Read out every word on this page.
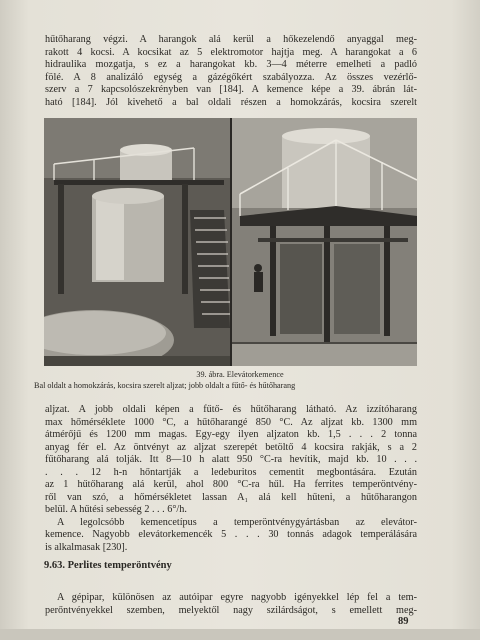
hűtőharang végzi. A harangok alá kerül a hőkezelendő anyaggal meg-
rakott 4 kocsi. A kocsikat az 5 elektromotor hajtja meg. A harangokat a 6
hidraulika mozgatja, s ez a harangokat kb. 3—4 méterre emelheti a padló
fölé. A 8 analizáló egység a gázégőkért szabályozza. Az összes vezérlő-
szerv a 7 kapcsolószekrényben van [184]. A kemence képe a 39. ábrán lát-
ható [184]. Jól kivehető a bal oldali részen a homokzárás, kocsira szerelt

39. ábra. Elevátorkemence

Bal oldalt a homokzárás, kocsira szerelt aljzat; jobb oldalt a fűtő- és hűtőharang

aljzat. A jobb oldali képen a fűtő- és hűtőharang látható. Az izzítóharang
max hőmérséklete 1000 °C, a hűtőharangé 850 °C. Az aljzat kb. 1300 mm
átmérőjű és 1200 mm magas. Egy-egy ilyen aljzaton kb. 1,5 . . . 2 tonna
anyag fér el. Az öntvényt az aljzat szerepét betöltő 4 kocsira rakják, s a 2
fűtőharang alá tolják. Itt 8—10 h alatt 950 °C-ra hevítik, majd kb. 10 . . .
. . . 12 h-n hőntartják a ledeburitos cementit megbontására. Ezután
az 1 hűtőharang alá kerül, ahol 800 °C-ra hűl. Ha ferrites temperöntvény-
ről van szó, a hőmérsékletet lassan A₁ alá kell hűteni, a hűtőharangon
belül. A hűtési sebesség 2 . . . 6°/h.
A legolcsóbb kemencetípus a temperöntvénygyártásban az elevátor-
kemence. Nagyobb elevátorkemencék 5 . . . 30 tonnás adagok temperálására
is alkalmasak [230].

9.63. Perlites temperöntvény

A gépipar, különösen az autóipar egyre nagyobb igényekkel lép fel a tem-
perőntvényekkel szemben, melyektől nagy szilárdságot, s emellett meg-

89
